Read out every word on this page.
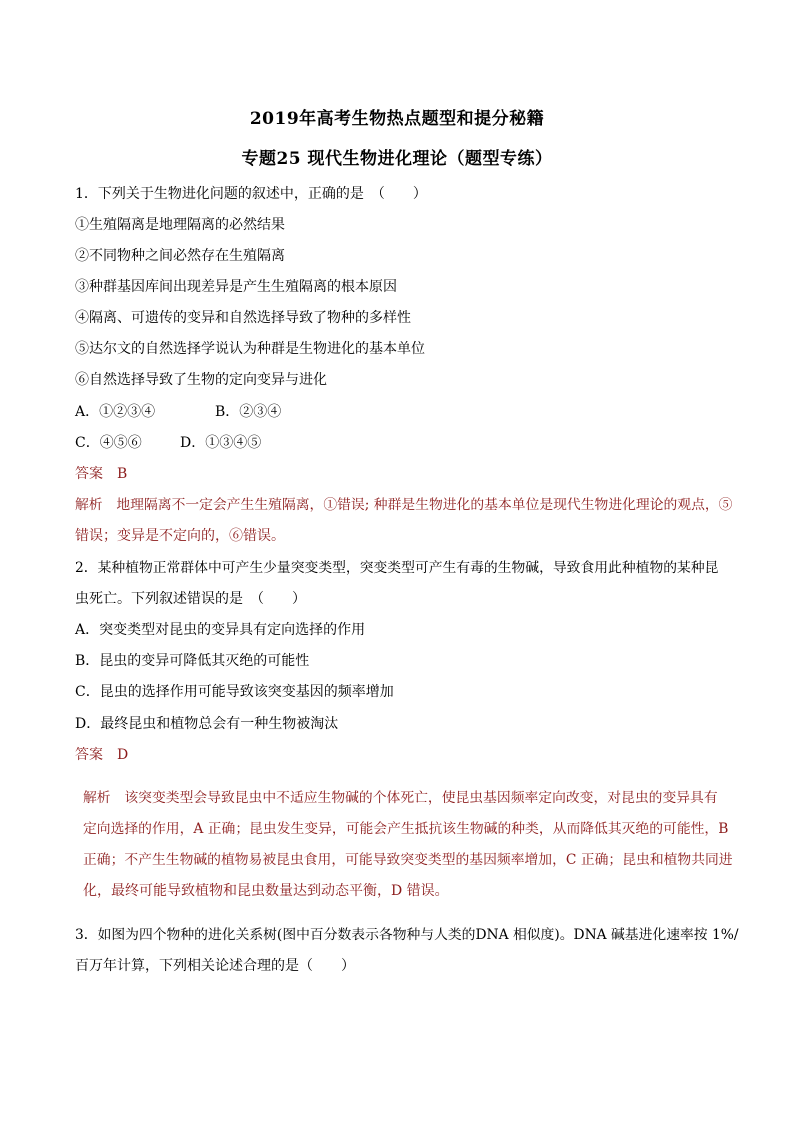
2019年高考生物热点题型和提分秘籍
专题25 现代生物进化理论（题型专练）
1．下列关于生物进化问题的叙述中，正确的是　（　　）
①生殖隔离是地理隔离的必然结果
②不同物种之间必然存在生殖隔离
③种群基因库间出现差异是产生生殖隔离的根本原因
④隔离、可遗传的变异和自然选择导致了物种的多样性
⑤达尔文的自然选择学说认为种群是生物进化的基本单位
⑥自然选择导致了生物的定向变异与进化
A．①②③④	B．②③④
C．④⑤⑥	D．①③④⑤
答案　B
解析　地理隔离不一定会产生生殖隔离，①错误; 种群是生物进化的基本单位是现代生物进化理论的观点，⑤
错误；变异是不定向的，⑥错误。
2．某种植物正常群体中可产生少量突变类型，突变类型可产生有毒的生物碱，导致食用此种植物的某种昆
虫死亡。下列叙述错误的是　（　　）
A．突变类型对昆虫的变异具有定向选择的作用
B．昆虫的变异可降低其灭绝的可能性
C．昆虫的选择作用可能导致该突变基因的频率增加
D．最终昆虫和植物总会有一种生物被淘汰
答案　D
解析　该突变类型会导致昆虫中不适应生物碱的个体死亡，使昆虫基因频率定向改变，对昆虫的变异具有
定向选择的作用，A 正确；昆虫发生变异，可能会产生抵抗该生物碱的种类，从而降低其灭绝的可能性，B
正确；不产生生物碱的植物易被昆虫食用，可能导致突变类型的基因频率增加，C 正确；昆虫和植物共同进
化，最终可能导致植物和昆虫数量达到动态平衡，D 错误。
3．如图为四个物种的进化关系树(图中百分数表示各物种与人类的DNA 相似度)。DNA 碱基进化速率按 1%/
百万年计算，下列相关论述合理的是（　　）
